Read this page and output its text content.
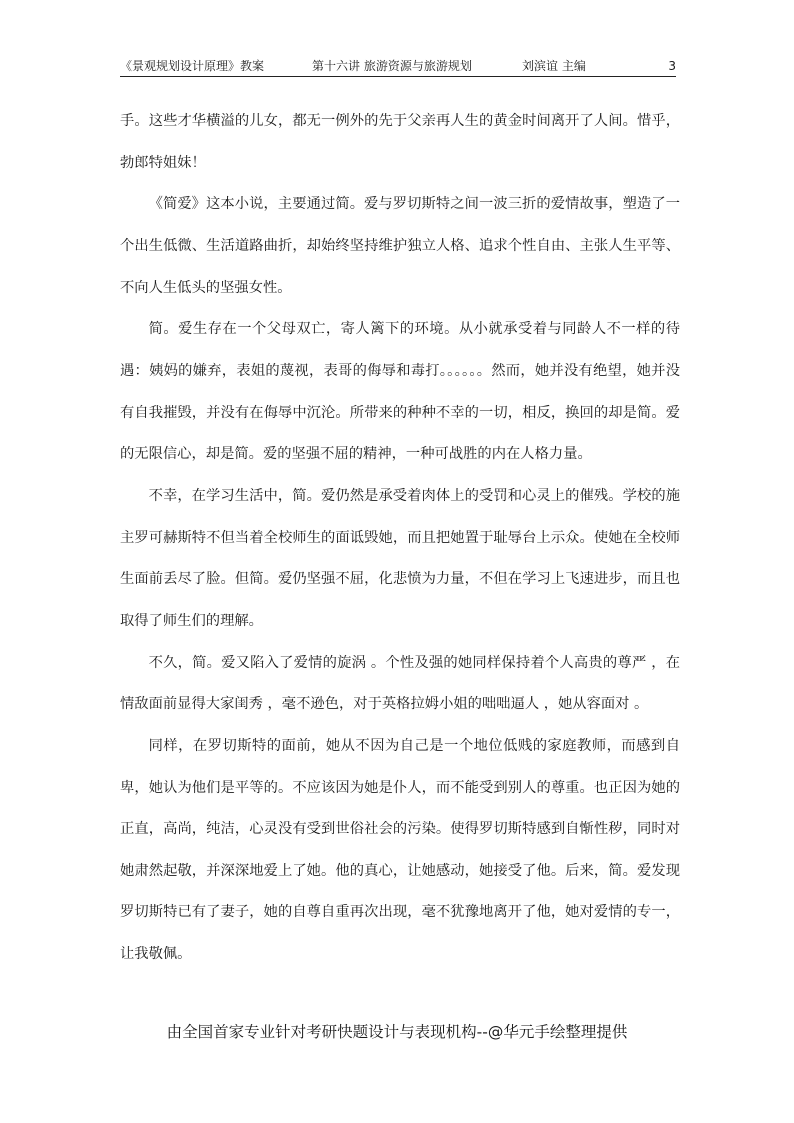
《景观规划设计原理》教案	第十六讲 旅游资源与旅游规划	刘滨谊 主编	3

手。这些才华横溢的儿女，都无一例外的先于父亲再人生的黄金时间离开了人间。惜乎，勃郎特姐妹！

《简爱》这本小说，主要通过简。爱与罗切斯特之间一波三折的爱情故事，塑造了一个出生低微、生活道路曲折，却始终坚持维护独立人格、追求个性自由、主张人生平等、不向人生低头的坚强女性。

简。爱生存在一个父母双亡，寄人篱下的环境。从小就承受着与同龄人不一样的待遇：姨妈的嫌弃，表姐的蔑视，表哥的侮辱和毒打。。。。。。然而，她并没有绝望，她并没有自我摧毁，并没有在侮辱中沉沦。所带来的种种不幸的一切，相反，换回的却是简。爱的无限信心，却是简。爱的坚强不屈的精神，一种可战胜的内在人格力量。

不幸，在学习生活中，简。爱仍然是承受着肉体上的受罚和心灵上的催残。学校的施主罗可赫斯特不但当着全校师生的面诋毁她，而且把她置于耻辱台上示众。使她在全校师生面前丢尽了脸。但简。爱仍坚强不屈，化悲愤为力量，不但在学习上飞速进步，而且也取得了师生们的理解。

不久，简。爱又陷入了爱情的旋涡 。个性及强的她同样保持着个人高贵的尊严 ，在情敌面前显得大家闺秀 ，毫不逊色，对于英格拉姆小姐的咄咄逼人 ，她从容面对 。

同样，在罗切斯特的面前，她从不因为自己是一个地位低贱的家庭教师，而感到自卑，她认为他们是平等的。不应该因为她是仆人，而不能受到别人的尊重。也正因为她的正直，高尚，纯洁，心灵没有受到世俗社会的污染。使得罗切斯特感到自惭性秽，同时对她肃然起敬，并深深地爱上了她。他的真心，让她感动，她接受了他。后来，简。爱发现罗切斯特已有了妻子，她的自尊自重再次出现，毫不犹豫地离开了他，她对爱情的专一，让我敬佩。

由全国首家专业针对考研快题设计与表现机构--@华元手绘整理提供
